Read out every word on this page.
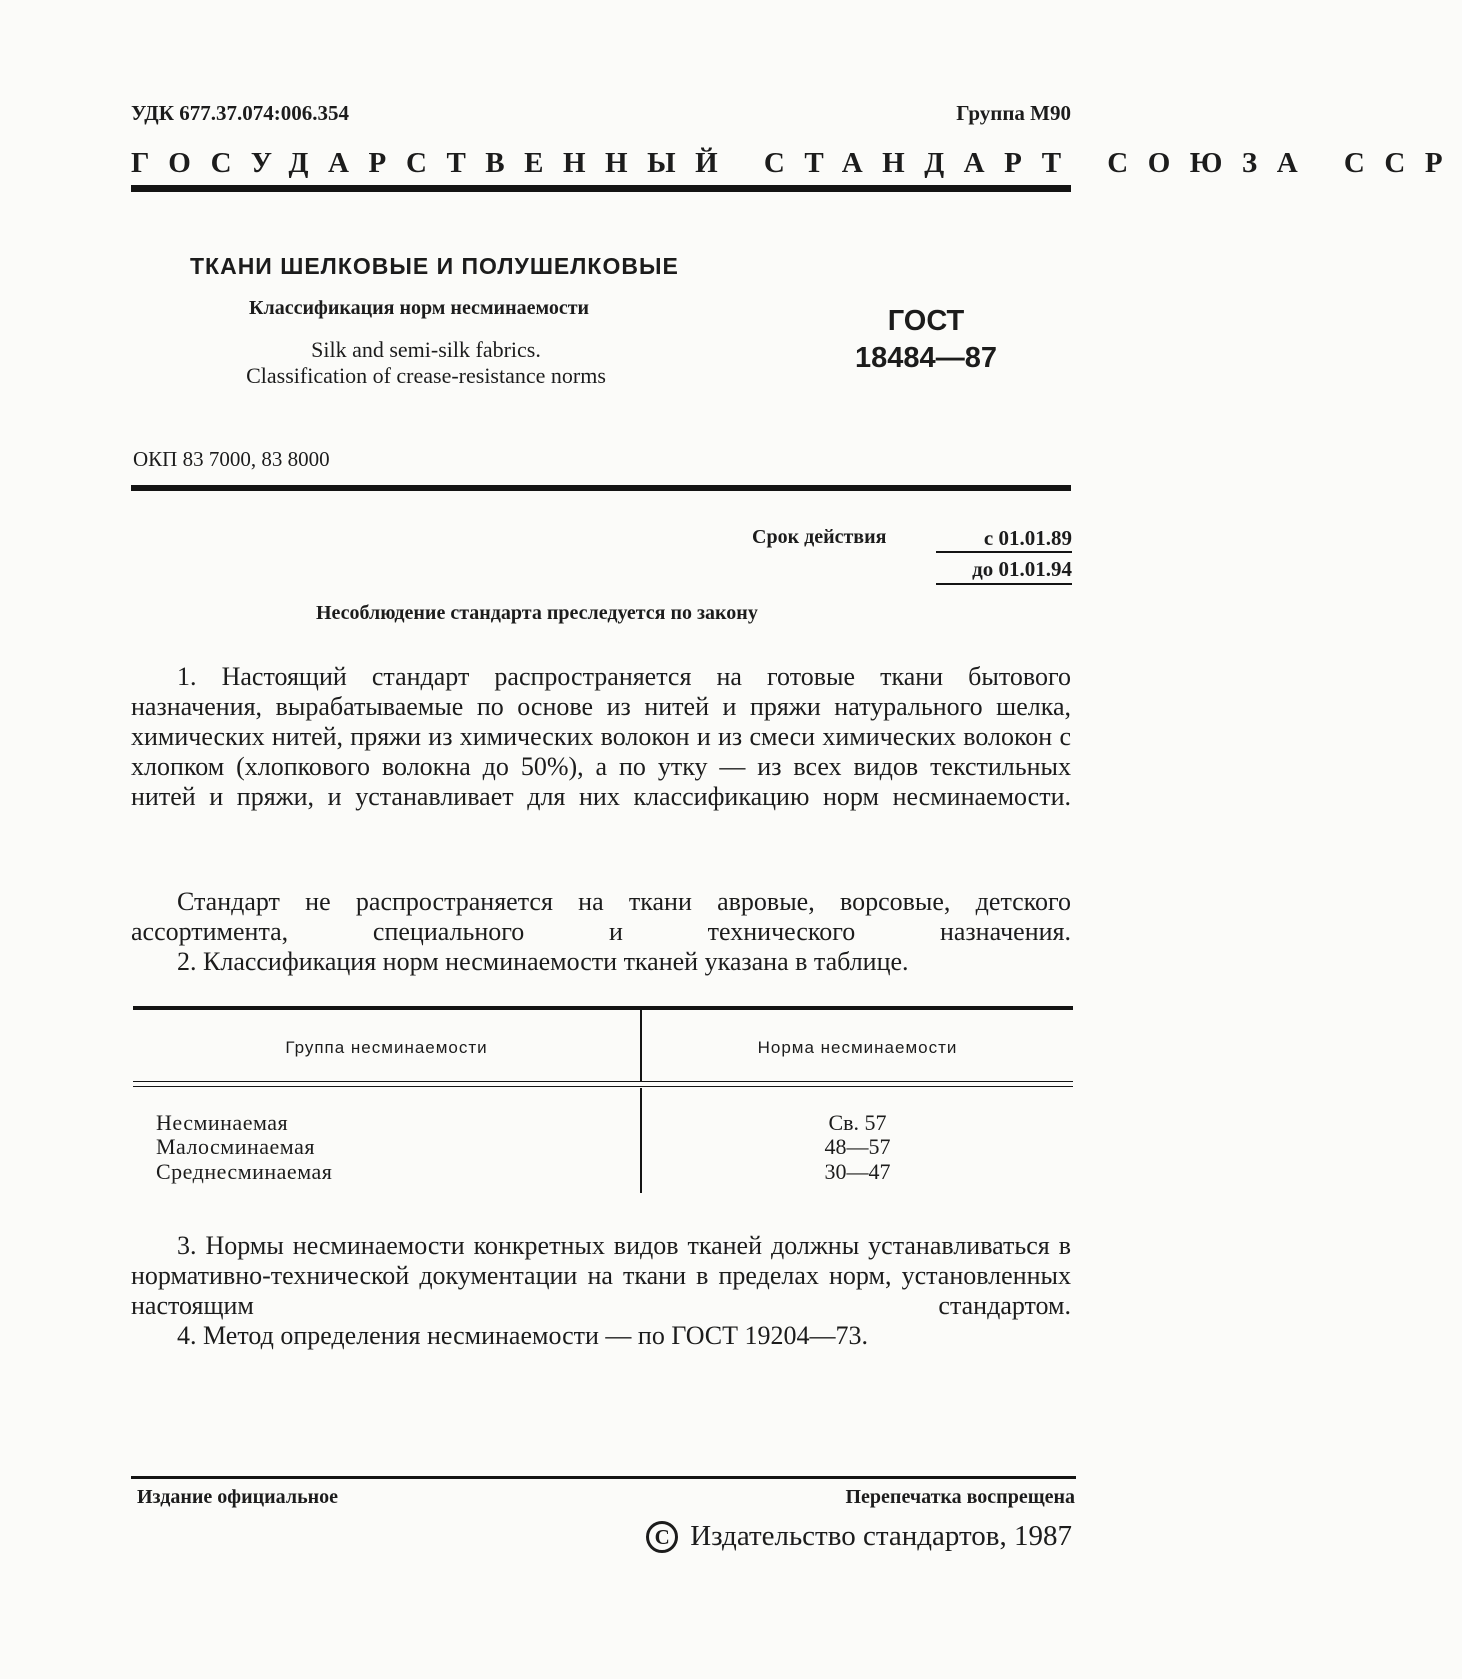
УДК 677.37.074:006.354	Группа М90
ГОСУДАРСТВЕННЫЙ СТАНДАРТ СОЮЗА ССР
ТКАНИ ШЕЛКОВЫЕ И ПОЛУШЕЛКОВЫЕ
Классификация норм несминаемости
Silk and semi-silk fabrics.
Classification of crease-resistance norms
ГОСТ
18484—87
ОКП 83 7000, 83 8000
Срок действия	с 01.01.89
до 01.01.94
Несоблюдение стандарта преследуется по закону
1. Настоящий стандарт распространяется на готовые ткани бытового назначения, вырабатываемые по основе из нитей и пряжи натурального шелка, химических нитей, пряжи из химических волокон и из смеси химических волокон с хлопком (хлопкового волокна до 50%), а по утку — из всех видов текстильных нитей и пряжи, и устанавливает для них классификацию норм несминаемости.
Стандарт не распространяется на ткани авровые, ворсовые, детского ассортимента, специального и технического назначения.
2. Классификация норм несминаемости тканей указана в таблице.
Группа несминаемости	Норма несминаемости
Несминаемая	Св. 57
Малосминаемая	48—57
Среднесминаемая	30—47
3. Нормы несминаемости конкретных видов тканей должны устанавливаться в нормативно-технической документации на ткани в пределах норм, установленных настоящим стандартом.
4. Метод определения несминаемости — по ГОСТ 19204—73.
Издание официальное	Перепечатка воспрещена
C Издательство стандартов, 1987
